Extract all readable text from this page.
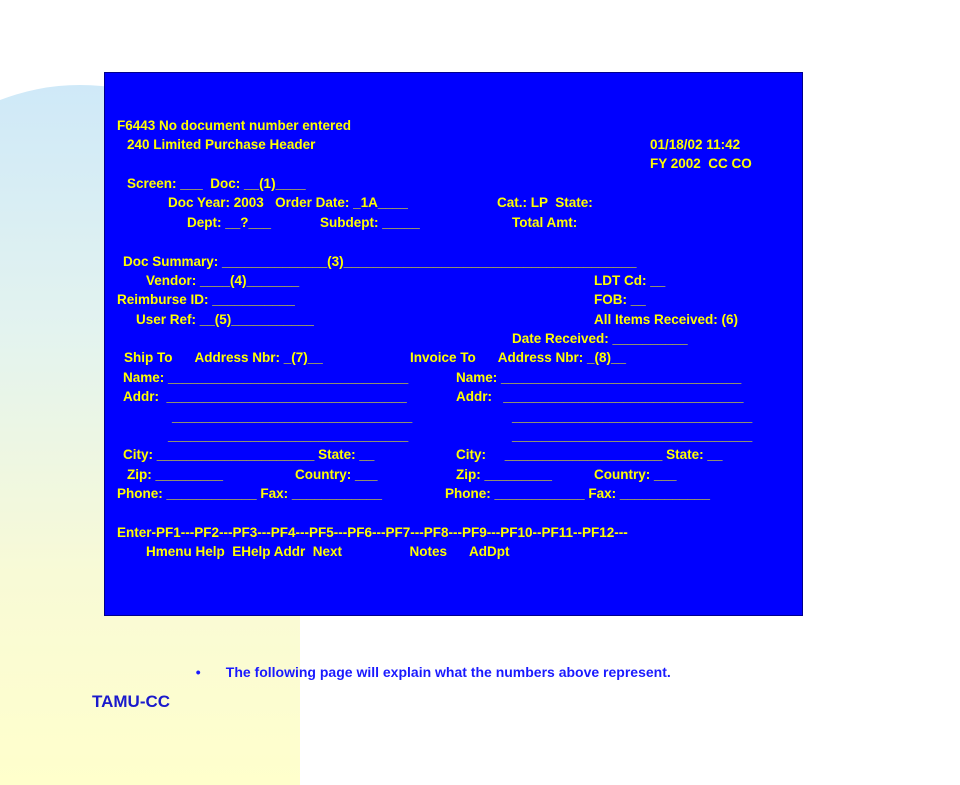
F6443 No document number entered
240 Limited Purchase Header	01/18/02 11:42
FY 2002  CC CO
Screen: ___  Doc: __(1)____
Doc Year: 2003   Order Date: _1A____	Cat.: LP  State:
Dept: __?___	Subdept: _____	Total Amt:
Doc Summary: ______________(3)_______________________________________
Vendor: ____(4)_______	LDT Cd: __
Reimburse ID: ___________	FOB: __
User Ref: __(5)___________	All Items Received: (6)
Date Received: __________
Ship To      Address Nbr: _(7)__	Invoice To      Address Nbr: _(8)__
Name: ________________________________	Name: ________________________________
Addr:  ________________________________	Addr:   ________________________________
________________________________	________________________________
________________________________	________________________________
City: _____________________ State: __	City:     _____________________ State: __
Zip: _________	Country: ___	Zip: _________	Country: ___
Phone: ____________ Fax: ____________	Phone: ____________ Fax: ____________
Enter-PF1---PF2---PF3---PF4---PF5---PF6---PF7---PF8---PF9---PF10--PF11--PF12---
Hmenu Help  EHelp Addr  Next                  Notes      AdDpt

• The following page will explain what the numbers above represent.

TAMU-CC
